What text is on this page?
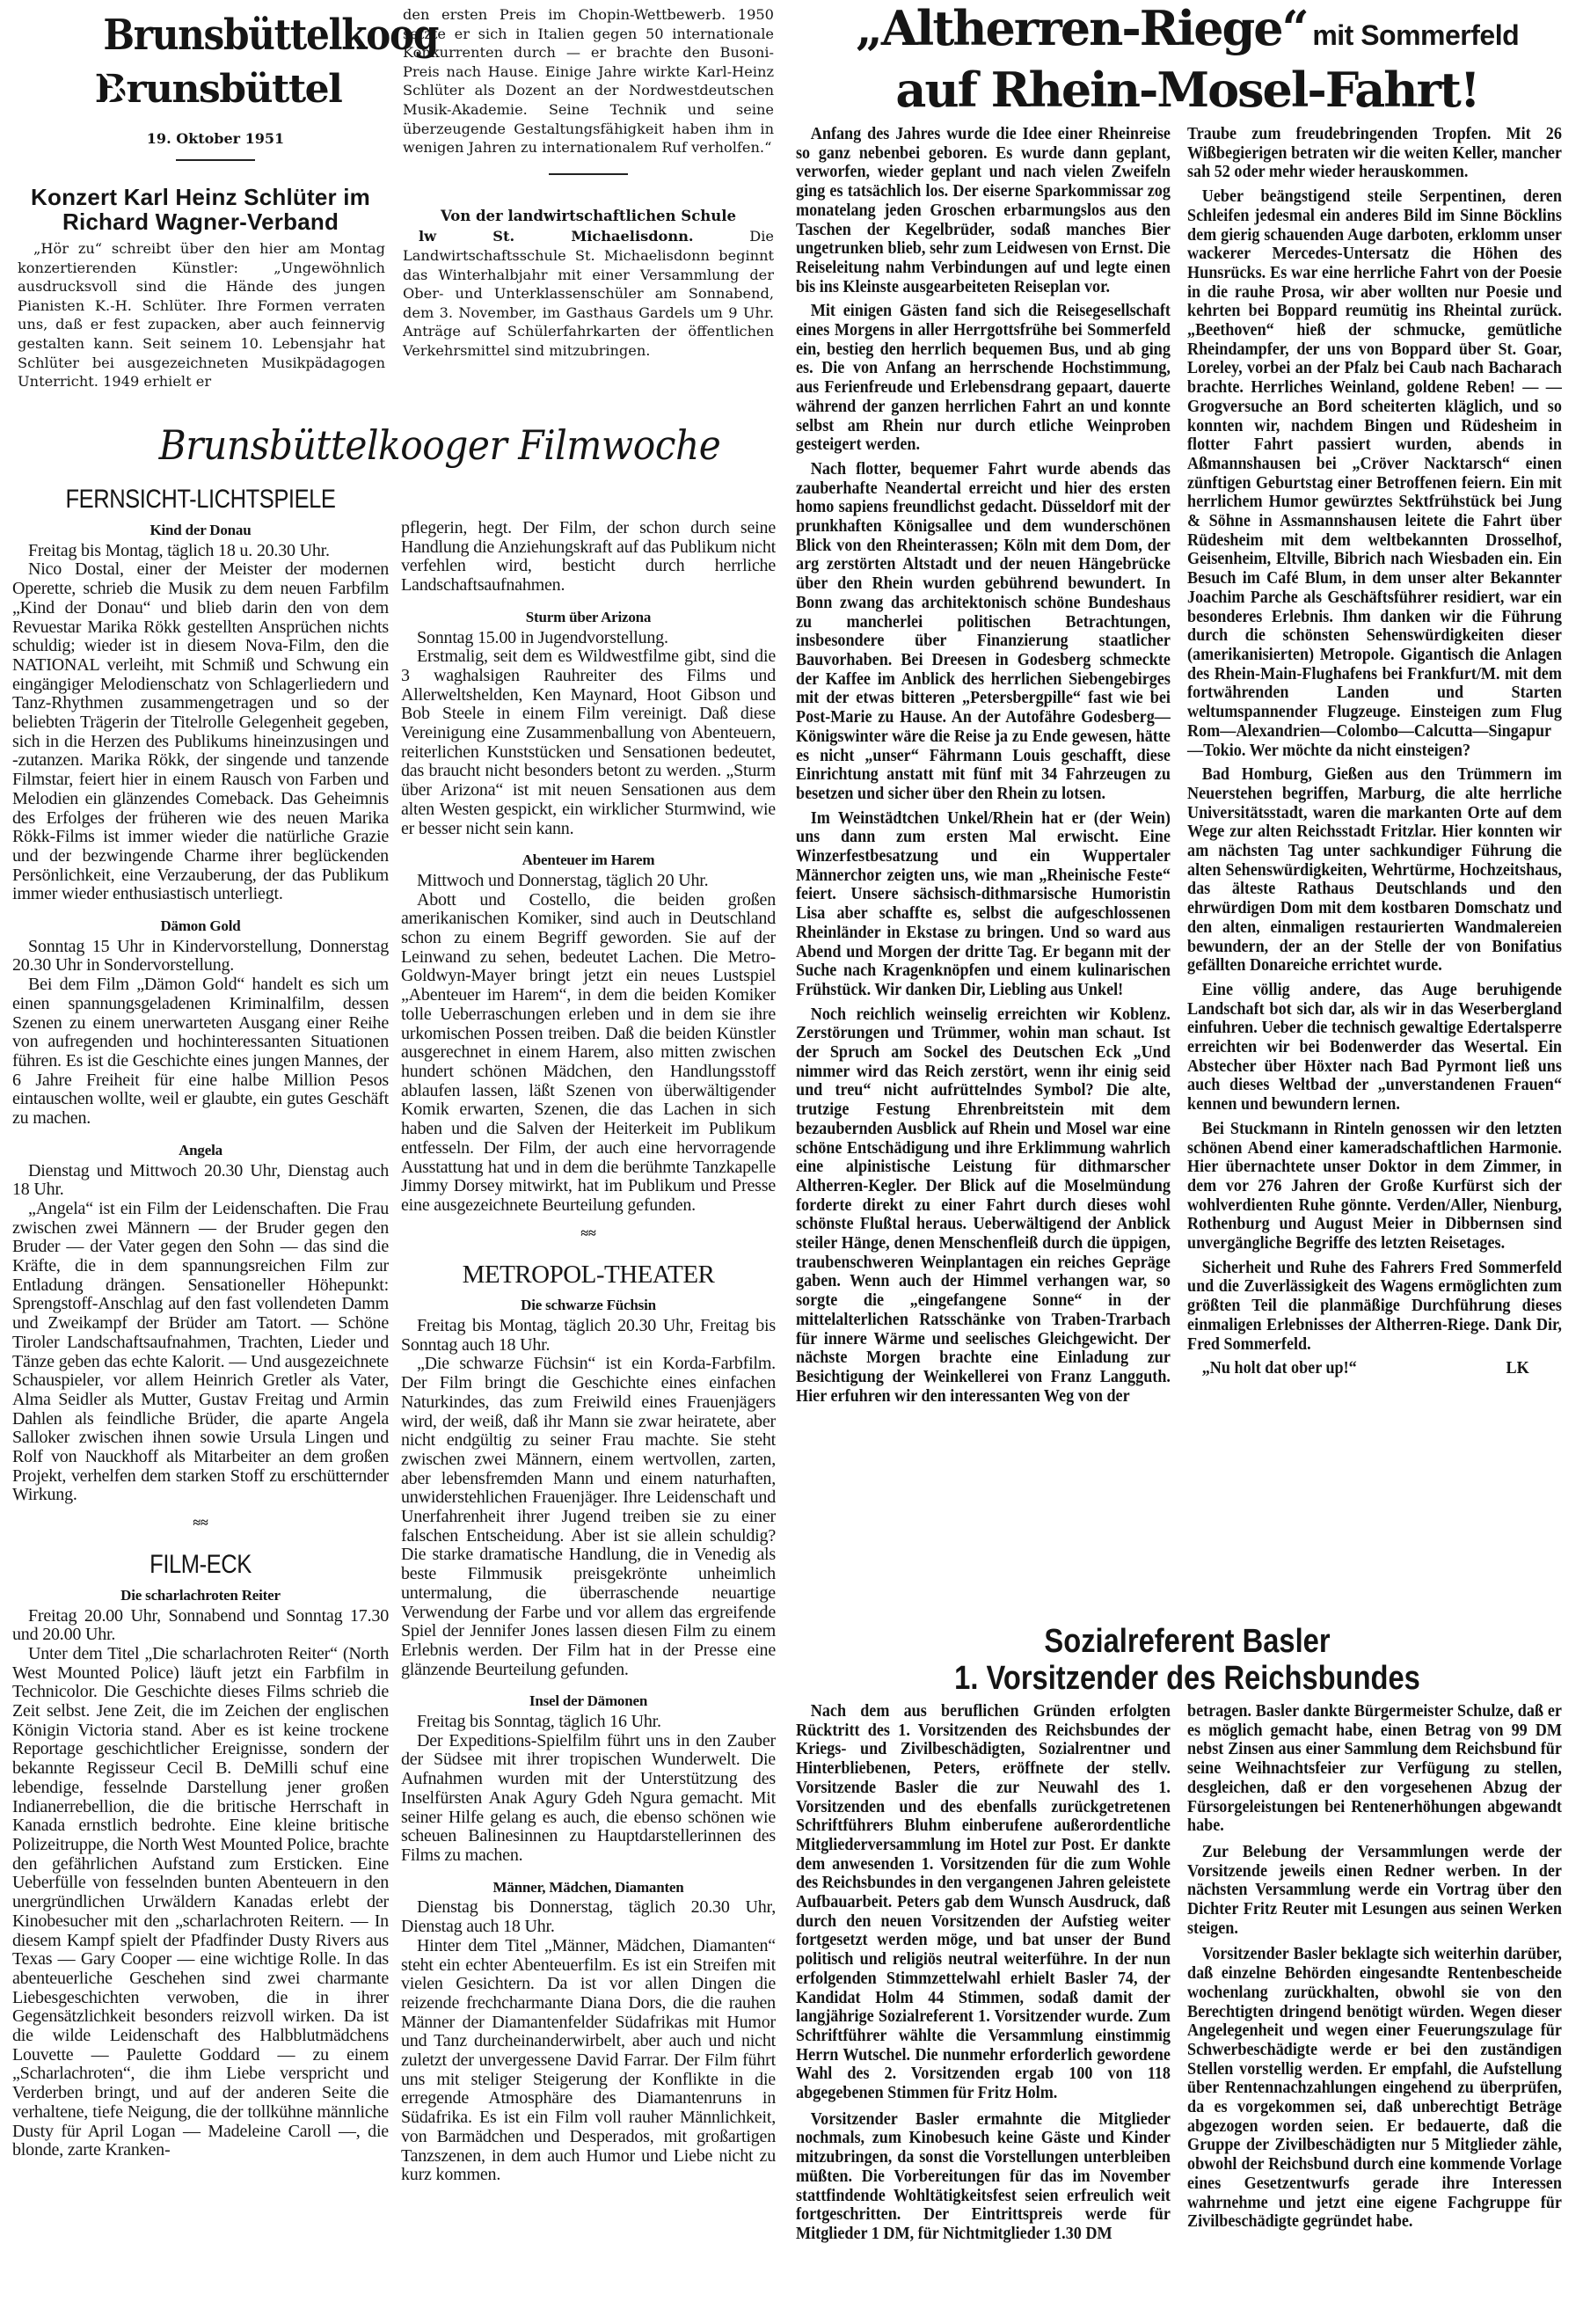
Brunsbüttelkoog
Brunsbüttel
19. Oktober 1951
Konzert Karl Heinz Schlüter im Richard Wagner-Verband

„Hör zu“ schreibt über den hier am Montag konzertierenden Künstler: „Ungewöhnlich ausdrucksvoll sind die Hände des jungen Pianisten K.-H. Schlüter. Ihre Formen verraten uns, daß er fest zupacken, aber auch feinnervig gestalten kann. Seit seinem 10. Lebensjahr hat Schlüter bei ausgezeichneten Musikpädagogen Unterricht. 1949 erhielt er

den ersten Preis im Chopin-Wettbewerb. 1950 setzte er sich in Italien gegen 50 internationale Konkurrenten durch — er brachte den Busoni-Preis nach Hause. Einige Jahre wirkte Karl-Heinz Schlüter als Dozent an der Nordwestdeutschen Musik-Akademie. Seine Technik und seine überzeugende Gestaltungsfähigkeit haben ihm in wenigen Jahren zu internationalem Ruf verholfen.“

Von der landwirtschaftlichen Schule

lw St. Michaelisdonn.	Die Landwirtschaftsschule St. Michaelisdonn beginnt das Winterhalbjahr mit einer Versammlung der Ober- und Unterklassenschüler am Sonnabend, dem 3. November, im Gasthaus Gardels um 9 Uhr. Anträge auf Schülerfahrkarten der öffentlichen Verkehrsmittel sind mitzubringen.

Brunsbüttelkooger Filmwoche
FERNSICHT-LICHTSPIELE
Kind der Donau

Freitag bis Montag, täglich 18 u. 20.30 Uhr.

Nico Dostal, einer der Meister der modernen Operette, schrieb die Musik zu dem neuen Farbfilm „Kind der Donau“ und blieb darin den von dem Revuestar Marika Rökk gestellten Ansprüchen nichts schuldig; wieder ist in diesem Nova-Film, den die NATIONAL verleiht, mit Schmiß und Schwung ein eingängiger Melodienschatz von Schlagerliedern und Tanz-Rhythmen zusammengetragen und so der beliebten Trägerin der Titelrolle Gelegenheit gegeben, sich in die Herzen des Publikums hineinzusingen und -zutanzen. Marika Rökk, der singende und tanzende Filmstar, feiert hier in einem Rausch von Farben und Melodien ein glänzendes Comeback. Das Geheimnis des Erfolges der früheren wie des neuen Marika Rökk-Films ist immer wieder die natürliche Grazie und der bezwingende Charme ihrer beglückenden Persönlichkeit, eine Verzauberung, der das Publikum immer wieder enthusiastisch unterliegt.

Dämon Gold

Sonntag 15 Uhr in Kindervorstellung, Donnerstag 20.30 Uhr in Sondervorstellung.

Bei dem Film „Dämon Gold“ handelt es sich um einen spannungsgeladenen Kriminalfilm, dessen Szenen zu einem unerwarteten Ausgang einer Reihe von aufregenden und hochinteressanten Situationen führen. Es ist die Geschichte eines jungen Mannes, der 6 Jahre Freiheit für eine halbe Million Pesos eintauschen wollte, weil er glaubte, ein gutes Geschäft zu machen.

Angela

Dienstag und Mittwoch 20.30 Uhr, Dienstag auch 18 Uhr.

„Angela“ ist ein Film der Leidenschaften. Die Frau zwischen zwei Männern — der Bruder gegen den Bruder — der Vater gegen den Sohn — das sind die Kräfte, die in dem spannungsreichen Film zur Entladung drängen. Sensationeller Höhepunkt: Sprengstoff-Anschlag auf den fast vollendeten Damm und Zweikampf der Brüder am Tatort. — Schöne Tiroler Landschaftsaufnahmen, Trachten, Lieder und Tänze geben das echte Kalorit. — Und ausgezeichnete Schauspieler, vor allem Heinrich Gretler als Vater, Alma Seidler als Mutter, Gustav Freitag und Armin Dahlen als feindliche Brüder, die aparte Angela Salloker zwischen ihnen sowie Ursula Lingen und Rolf von Nauckhoff als Mitarbeiter an dem großen Projekt, verhelfen dem starken Stoff zu erschütternder Wirkung.

≈≈
FILM-ECK
Die scharlachroten Reiter

Freitag 20.00 Uhr, Sonnabend und Sonntag 17.30 und 20.00 Uhr.

Unter dem Titel „Die scharlachroten Reiter“ (North West Mounted Police) läuft jetzt ein Farbfilm in Technicolor. Die Geschichte dieses Films schrieb die Zeit selbst. Jene Zeit, die im Zeichen der englischen Königin Victoria stand. Aber es ist keine trockene Reportage geschichtlicher Ereignisse, sondern der bekannte Regisseur Cecil B. DeMilli schuf eine lebendige, fesselnde Darstellung jener großen Indianerrebellion, die die britische Herrschaft in Kanada ernstlich bedrohte. Eine kleine britische Polizeitruppe, die North West Mounted Police, brachte den gefährlichen Aufstand zum Ersticken. Eine Ueberfülle von fesselnden bunten Abenteuern in den unergründlichen Urwäldern Kanadas erlebt der Kinobesucher mit den „scharlachroten Reitern. — In diesem Kampf spielt der Pfadfinder Dusty Rivers aus Texas — Gary Cooper — eine wichtige Rolle. In das abenteuerliche Geschehen sind zwei charmante Liebesgeschichten verwoben, die in ihrer Gegensätzlichkeit besonders reizvoll wirken. Da ist die wilde Leidenschaft des Halbblutmädchens Louvette — Paulette Goddard — zu einem „Scharlachroten“, die ihm Liebe verspricht und Verderben bringt, und auf der anderen Seite die verhaltene, tiefe Neigung, die der tollkühne männliche Dusty für April Logan — Madeleine Caroll —, die blonde, zarte Kranken-

pflegerin, hegt. Der Film, der schon durch seine Handlung die Anziehungskraft auf das Publikum nicht verfehlen wird, besticht durch herrliche Landschaftsaufnahmen.

Sturm über Arizona

Sonntag 15.00 in Jugendvorstellung.

Erstmalig, seit dem es Wildwestfilme gibt, sind die 3 waghalsigen Rauhreiter des Films und Allerweltshelden, Ken Maynard, Hoot Gibson und Bob Steele in einem Film vereinigt. Daß diese Vereinigung eine Zusammenballung von Abenteuern, reiterlichen Kunststücken und Sensationen bedeutet, das braucht nicht besonders betont zu werden. „Sturm über Arizona“ ist mit neuen Sensationen aus dem alten Westen gespickt, ein wirklicher Sturmwind, wie er besser nicht sein kann.

Abenteuer im Harem

Mittwoch und Donnerstag, täglich 20 Uhr.

Abott und Costello, die beiden großen amerikanischen Komiker, sind auch in Deutschland schon zu einem Begriff geworden. Sie auf der Leinwand zu sehen, bedeutet Lachen. Die Metro-Goldwyn-Mayer bringt jetzt ein neues Lustspiel „Abenteuer im Harem“, in dem die beiden Komiker tolle Ueberraschungen erleben und in dem sie ihre urkomischen Possen treiben. Daß die beiden Künstler ausgerechnet in einem Harem, also mitten zwischen hundert schönen Mädchen, den Handlungsstoff ablaufen lassen, läßt Szenen von überwältigender Komik erwarten, Szenen, die das Lachen in sich haben und die Salven der Heiterkeit im Publikum entfesseln. Der Film, der auch eine hervorragende Ausstattung hat und in dem die berühmte Tanzkapelle Jimmy Dorsey mitwirkt, hat im Publikum und Presse eine ausgezeichnete Beurteilung gefunden.

≈≈
METROPOL-THEATER
Die schwarze Füchsin

Freitag bis Montag, täglich 20.30 Uhr, Freitag bis Sonntag auch 18 Uhr.

„Die schwarze Füchsin“ ist ein Korda-Farbfilm. Der Film bringt die Geschichte eines einfachen Naturkindes, das zum Freiwild eines Frauenjägers wird, der weiß, daß ihr Mann sie zwar heiratete, aber nicht endgültig zu seiner Frau machte. Sie steht zwischen zwei Männern, einem wertvollen, zarten, aber lebensfremden Mann und einem naturhaften, unwiderstehlichen Frauenjäger. Ihre Leidenschaft und Unerfahrenheit ihrer Jugend treiben sie zu einer falschen Entscheidung. Aber ist sie allein schuldig? Die starke dramatische Handlung, die in Venedig als beste Filmmusik preisgekrönte unheimlich untermalung, die überraschende neuartige Verwendung der Farbe und vor allem das ergreifende Spiel der Jennifer Jones lassen diesen Film zu einem Erlebnis werden. Der Film hat in der Presse eine glänzende Beurteilung gefunden.

Insel der Dämonen

Freitag bis Sonntag, täglich 16 Uhr.

Der Expeditions-Spielfilm führt uns in den Zauber der Südsee mit ihrer tropischen Wunderwelt. Die Aufnahmen wurden mit der Unterstützung des Inselfürsten Anak Agury Gdeh Ngura gemacht. Mit seiner Hilfe gelang es auch, die ebenso schönen wie scheuen Balinesinnen zu Hauptdarstellerinnen des Films zu machen.

Männer, Mädchen, Diamanten

Dienstag bis Donnerstag, täglich 20.30 Uhr, Dienstag auch 18 Uhr.

Hinter dem Titel „Männer, Mädchen, Diamanten“ steht ein echter Abenteuerfilm. Es ist ein Streifen mit vielen Gesichtern. Da ist vor allen Dingen die reizende frechcharmante Diana Dors, die die rauhen Männer der Diamantenfelder Südafrikas mit Humor und Tanz durcheinanderwirbelt, aber auch und nicht zuletzt der unvergessene David Farrar. Der Film führt uns mit steliger Steigerung der Konflikte in die erregende Atmosphäre des Diamantenruns in Südafrika. Es ist ein Film voll rauher Männlichkeit, von Barmädchen und Desperados, mit großartigen Tanzszenen, in dem auch Humor und Liebe nicht zu kurz kommen.

„Altherren-Riege“ mit Sommerfeld
auf Rhein-Mosel-Fahrt!

Anfang des Jahres wurde die Idee einer Rheinreise so ganz nebenbei geboren. Es wurde dann geplant, verworfen, wieder geplant und nach vielen Zweifeln ging es tatsächlich los. Der eiserne Sparkommissar zog monatelang jeden Groschen erbarmungslos aus den Taschen der Kegelbrüder, sodaß manches Bier ungetrunken blieb, sehr zum Leidwesen von Ernst. Die Reiseleitung nahm Verbindungen auf und legte einen bis ins Kleinste ausgearbeiteten Reiseplan vor.

Mit einigen Gästen fand sich die Reisegesellschaft eines Morgens in aller Herrgottsfrühe bei Sommerfeld ein, bestieg den herrlich bequemen Bus, und ab ging es. Die von Anfang an herrschende Hochstimmung, aus Ferienfreude und Erlebensdrang gepaart, dauerte während der ganzen herrlichen Fahrt an und konnte selbst am Rhein nur durch etliche Weinproben gesteigert werden.

Nach flotter, bequemer Fahrt wurde abends das zauberhafte Neandertal erreicht und hier des ersten homo sapiens freundlichst gedacht. Düsseldorf mit der prunkhaften Königsallee und dem wunderschönen Blick von den Rheinterassen; Köln mit dem Dom, der arg zerstörten Altstadt und der neuen Hängebrücke über den Rhein wurden gebührend bewundert. In Bonn zwang das architektonisch schöne Bundeshaus zu mancherlei politischen Betrachtungen, insbesondere über Finanzierung staatlicher Bauvorhaben. Bei Dreesen in Godesberg schmeckte der Kaffee im Anblick des herrlichen Siebengebirges mit der etwas bitteren „Petersbergpille“ fast wie bei Post-Marie zu Hause. An der Autofähre Godesberg—Königswinter wäre die Reise ja zu Ende gewesen, hätte es nicht „unser“ Fährmann Louis geschafft, diese Einrichtung anstatt mit fünf mit 34 Fahrzeugen zu besetzen und sicher über den Rhein zu lotsen.

Im Weinstädtchen Unkel/Rhein hat er (der Wein) uns dann zum ersten Mal erwischt. Eine Winzerfestbesatzung und ein Wuppertaler Männerchor zeigten uns, wie man „Rheinische Feste“ feiert. Unsere sächsisch-dithmarsische Humoristin Lisa aber schaffte es, selbst die aufgeschlossenen Rheinländer in Ekstase zu bringen. Und so ward aus Abend und Morgen der dritte Tag. Er begann mit der Suche nach Kragenknöpfen und einem kulinarischen Frühstück. Wir danken Dir, Liebling aus Unkel!

Noch reichlich weinselig erreichten wir Koblenz. Zerstörungen und Trümmer, wohin man schaut. Ist der Spruch am Sockel des Deutschen Eck „Und nimmer wird das Reich zerstört, wenn ihr einig seid und treu“ nicht aufrüttelndes Symbol? Die alte, trutzige Festung Ehrenbreitstein mit dem bezaubernden Ausblick auf Rhein und Mosel war eine schöne Entschädigung und ihre Erklimmung wahrlich eine alpinistische Leistung für dithmarscher Altherren-Kegler. Der Blick auf die Moselmündung forderte direkt zu einer Fahrt durch dieses wohl schönste Flußtal heraus. Ueberwältigend der Anblick steiler Hänge, denen Menschenfleiß durch die üppigen, traubenschweren Weinplantagen ein reiches Gepräge gaben. Wenn auch der Himmel verhangen war, so sorgte die „eingefangene Sonne“ in der mittelalterlichen Ratsschänke von Traben-Trarbach für innere Wärme und seelisches Gleichgewicht. Der nächste Morgen brachte eine Einladung zur Besichtigung der Weinkellerei von Franz Langguth. Hier erfuhren wir den interessanten Weg von der

Traube zum freudebringenden Tropfen. Mit 26 Wißbegierigen betraten wir die weiten Keller, mancher sah 52 oder mehr wieder herauskommen.

Ueber beängstigend steile Serpentinen, deren Schleifen jedesmal ein anderes Bild im Sinne Böcklins dem gierig schauenden Auge darboten, erklomm unser wackerer Mercedes-Untersatz die Höhen des Hunsrücks. Es war eine herrliche Fahrt von der Poesie in die rauhe Prosa, wir aber wollten nur Poesie und kehrten bei Boppard reumütig ins Rheintal zurück. „Beethoven“ hieß der schmucke, gemütliche Rheindampfer, der uns von Boppard über St. Goar, Loreley, vorbei an der Pfalz bei Caub nach Bacharach brachte. Herrliches Weinland, goldene Reben! — — Grogversuche an Bord scheiterten kläglich, und so konnten wir, nachdem Bingen und Rüdesheim in flotter Fahrt passiert wurden, abends in Aßmannshausen bei „Cröver Nacktarsch“ einen zünftigen Geburtstag einer Betroffenen feiern. Ein mit herrlichem Humor gewürztes Sektfrühstück bei Jung & Söhne in Assmannshausen leitete die Fahrt über Rüdesheim mit dem weltbekannten Drosselhof, Geisenheim, Eltville, Bibrich nach Wiesbaden ein. Ein Besuch im Café Blum, in dem unser alter Bekannter Joachim Parche als Geschäftsführer residiert, war ein besonderes Erlebnis. Ihm danken wir die Führung durch die schönsten Sehenswürdigkeiten dieser (amerikanisierten) Metropole. Gigantisch die Anlagen des Rhein-Main-Flughafens bei Frankfurt/M. mit dem fortwährenden Landen und Starten weltumspannender Flugzeuge. Einsteigen zum Flug Rom—Alexandrien—Colombo—Calcutta—Singapur—Tokio. Wer möchte da nicht einsteigen?

Bad Homburg, Gießen aus den Trümmern im Neuerstehen begriffen, Marburg, die alte herrliche Universitätsstadt, waren die markanten Orte auf dem Wege zur alten Reichsstadt Fritzlar. Hier konnten wir am nächsten Tag unter sachkundiger Führung die alten Sehenswürdigkeiten, Wehrtürme, Hochzeitshaus, das älteste Rathaus Deutschlands und den ehrwürdigen Dom mit dem kostbaren Domschatz und den alten, einmaligen restaurierten Wandmalereien bewundern, der an der Stelle der von Bonifatius gefällten Donareiche errichtet wurde.

Eine völlig andere, das Auge beruhigende Landschaft bot sich dar, als wir in das Weserbergland einfuhren. Ueber die technisch gewaltige Edertalsperre erreichten wir bei Bodenwerder das Wesertal. Ein Abstecher über Höxter nach Bad Pyrmont ließ uns auch dieses Weltbad der „unverstandenen Frauen“ kennen und bewundern lernen.

Bei Stuckmann in Rinteln genossen wir den letzten schönen Abend einer kameradschaftlichen Harmonie. Hier übernachtete unser Doktor in dem Zimmer, in dem vor 276 Jahren der Große Kurfürst sich der wohlverdienten Ruhe gönnte. Verden/Aller, Nienburg, Rothenburg und August Meier in Dibbernsen sind unvergängliche Begriffe des letzten Reisetages.

Sicherheit und Ruhe des Fahrers Fred Sommerfeld und die Zuverlässigkeit des Wagens ermöglichten zum größten Teil die planmäßige Durchführung dieses einmaligen Erlebnisses der Altherren-Riege. Dank Dir, Fred Sommerfeld.

„Nu holt dat ober up!“	LK
Sozialreferent Basler
1. Vorsitzender des Reichsbundes

Nach dem aus beruflichen Gründen erfolgten Rücktritt des 1. Vorsitzenden des Reichsbundes der Kriegs- und Zivilbeschädigten, Sozialrentner und Hinterbliebenen, Peters, eröffnete der stellv. Vorsitzende Basler die zur Neuwahl des 1. Vorsitzenden und des ebenfalls zurückgetretenen Schriftführers Bluhm einberufene außerordentliche Mitgliederversammlung im Hotel zur Post. Er dankte dem anwesenden 1. Vorsitzenden für die zum Wohle des Reichsbundes in den vergangenen Jahren geleistete Aufbauarbeit. Peters gab dem Wunsch Ausdruck, daß durch den neuen Vorsitzenden der Aufstieg weiter fortgesetzt werden möge, und bat unser der Bund politisch und religiös neutral weiterführe. In der nun erfolgenden Stimmzettelwahl erhielt Basler 74, der Kandidat Holm 44 Stimmen, sodaß damit der langjährige Sozialreferent 1. Vorsitzender wurde. Zum Schriftführer wählte die Versammlung einstimmig Herrn Wutschel. Die nunmehr erforderlich gewordene Wahl des 2. Vorsitzenden ergab 100 von 118 abgegebenen Stimmen für Fritz Holm.

Vorsitzender Basler ermahnte die Mitglieder nochmals, zum Kinobesuch keine Gäste und Kinder mitzubringen, da sonst die Vorstellungen unterbleiben müßten. Die Vorbereitungen für das im November stattfindende Wohltätigkeitsfest seien erfreulich weit fortgeschritten. Der Eintrittspreis werde für Mitglieder 1 DM, für Nichtmitglieder 1.30 DM

betragen. Basler dankte Bürgermeister Schulze, daß er es möglich gemacht habe, einen Betrag von 99 DM nebst Zinsen aus einer Sammlung dem Reichsbund für seine Weihnachtsfeier zur Verfügung zu stellen, desgleichen, daß er den vorgesehenen Abzug der Fürsorgeleistungen bei Rentenerhöhungen abgewandt habe.

Zur Belebung der Versammlungen werde der Vorsitzende jeweils einen Redner werben. In der nächsten Versammlung werde ein Vortrag über den Dichter Fritz Reuter mit Lesungen aus seinen Werken steigen.

Vorsitzender Basler beklagte sich weiterhin darüber, daß einzelne Behörden eingesandte Rentenbescheide wochenlang zurückhalten, obwohl sie von den Berechtigten dringend benötigt würden. Wegen dieser Angelegenheit und wegen einer Feuerungszulage für Schwerbeschädigte werde er bei den zuständigen Stellen vorstellig werden. Er empfahl, die Aufstellung über Rentennachzahlungen eingehend zu überprüfen, da es vorgekommen sei, daß unberechtigt Beträge abgezogen worden seien. Er bedauerte, daß die Gruppe der Zivilbeschädigten nur 5 Mitglieder zähle, obwohl der Reichsbund durch eine kommende Vorlage eines Gesetzentwurfs gerade ihre Interessen wahrnehme und jetzt eine eigene Fachgruppe für Zivilbeschädigte gegründet habe.
